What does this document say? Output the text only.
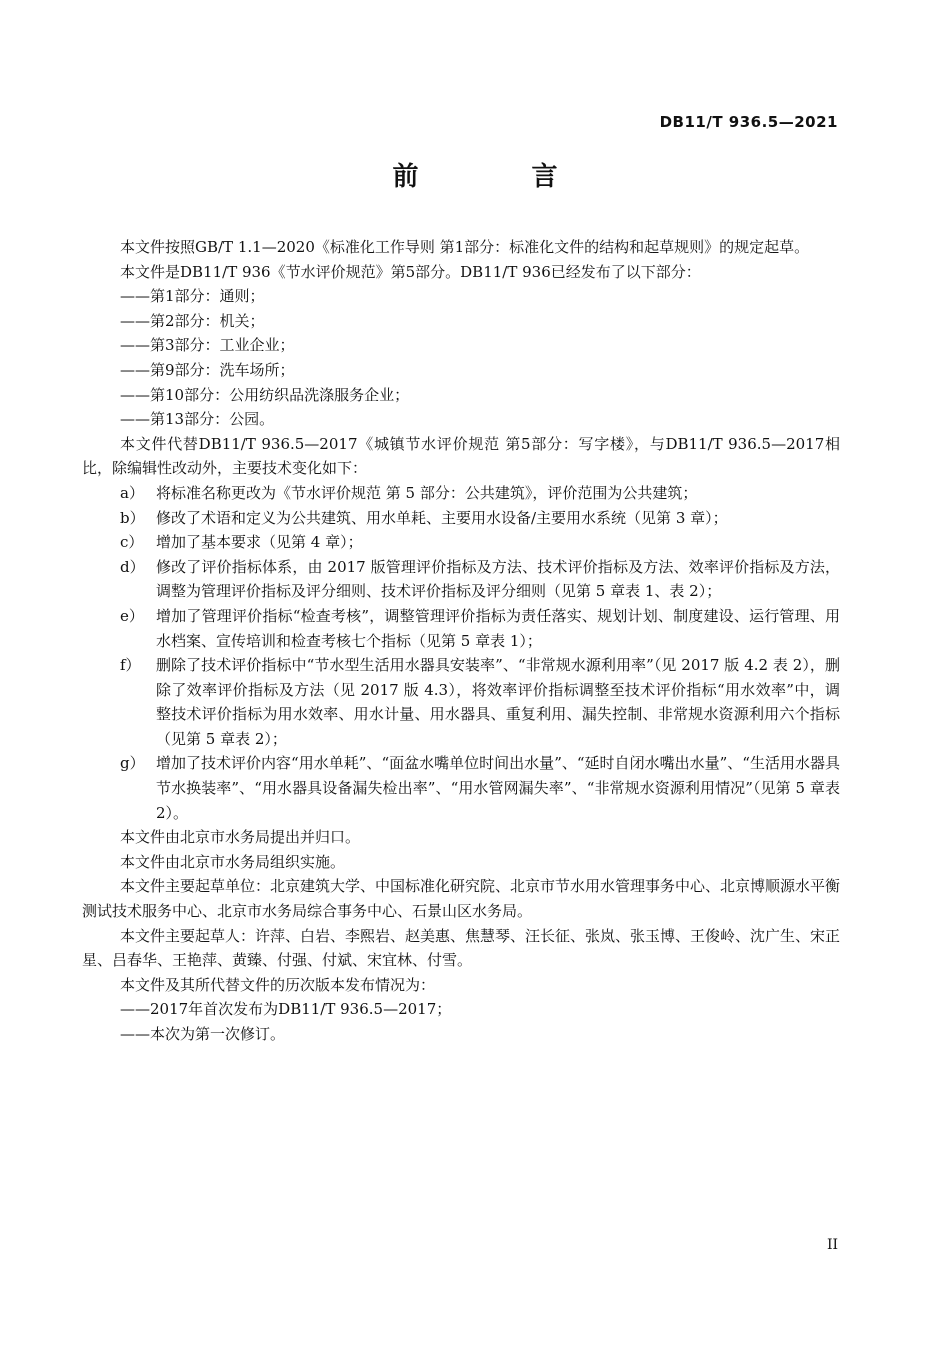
DB11/T 936.5—2021
前 言

本文件按照GB/T 1.1—2020《标准化工作导则 第1部分：标准化文件的结构和起草规则》的规定起草。

本文件是DB11/T 936《节水评价规范》第5部分。DB11/T 936已经发布了以下部分：

——第1部分：通则；

——第2部分：机关；

——第3部分：工业企业；

——第9部分：洗车场所；

——第10部分：公用纺织品洗涤服务企业；

——第13部分：公园。

本文件代替DB11/T 936.5—2017《城镇节水评价规范 第5部分：写字楼》，与DB11/T 936.5—2017相比，除编辑性改动外，主要技术变化如下：

a） 将标准名称更改为《节水评价规范 第 5 部分：公共建筑》，评价范围为公共建筑；
b） 修改了术语和定义为公共建筑、用水单耗、主要用水设备/主要用水系统（见第 3 章）；
c） 增加了基本要求（见第 4 章）；
d） 修改了评价指标体系，由 2017 版管理评价指标及方法、技术评价指标及方法、效率评价指标及方法，调整为管理评价指标及评分细则、技术评价指标及评分细则（见第 5 章表 1、表 2）；
e） 增加了管理评价指标“检查考核”，调整管理评价指标为责任落实、规划计划、制度建设、运行管理、用水档案、宣传培训和检查考核七个指标（见第 5 章表 1）；
f）	删除了技术评价指标中“节水型生活用水器具安装率”、“非常规水源利用率”（见 2017 版 4.2 表 2），删除了效率评价指标及方法（见 2017 版 4.3），将效率评价指标调整至技术评价指标“用水效率”中，调整技术评价指标为用水效率、用水计量、用水器具、重复利用、漏失控制、非常规水资源利用六个指标（见第 5 章表 2）；
g） 增加了技术评价内容“用水单耗”、“面盆水嘴单位时间出水量”、“延时自闭水嘴出水量”、“生活用水器具节水换装率”、“用水器具设备漏失检出率”、“用水管网漏失率”、“非常规水资源利用情况”（见第 5 章表 2）。

本文件由北京市水务局提出并归口。

本文件由北京市水务局组织实施。

本文件主要起草单位：北京建筑大学、中国标准化研究院、北京市节水用水管理事务中心、北京博顺源水平衡测试技术服务中心、北京市水务局综合事务中心、石景山区水务局。

本文件主要起草人：许萍、白岩、李熙岩、赵美惠、焦慧琴、汪长征、张岚、张玉博、王俊岭、沈广生、宋正星、吕春华、王艳萍、黄臻、付强、付斌、宋宜林、付雪。

本文件及其所代替文件的历次版本发布情况为：

——2017年首次发布为DB11/T 936.5—2017；

——本次为第一次修订。

II
